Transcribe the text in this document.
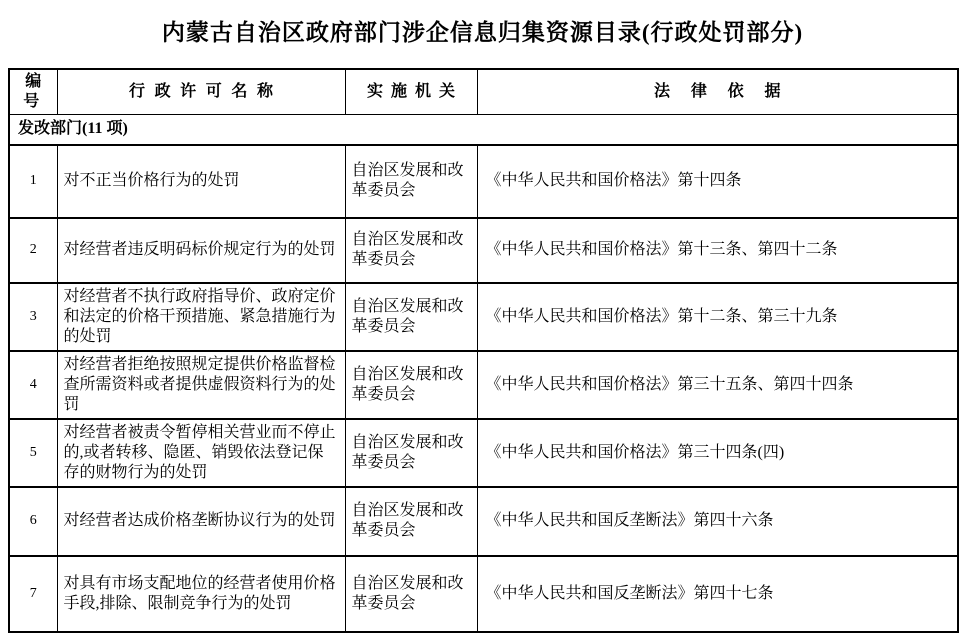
内蒙古自治区政府部门涉企信息归集资源目录(行政处罚部分)
编号	行政许可名称	实施机关	法律依据
发改部门(11 项)			
1	对不正当价格行为的处罚	自治区发展和改革委员会	《中华人民共和国价格法》第十四条
2	对经营者违反明码标价规定行为的处罚	自治区发展和改革委员会	《中华人民共和国价格法》第十三条、第四十二条
3	对经营者不执行政府指导价、政府定价和法定的价格干预措施、紧急措施行为的处罚	自治区发展和改革委员会	《中华人民共和国价格法》第十二条、第三十九条
4	对经营者拒绝按照规定提供价格监督检查所需资料或者提供虚假资料行为的处罚	自治区发展和改革委员会	《中华人民共和国价格法》第三十五条、第四十四条
5	对经营者被责令暂停相关营业而不停止的,或者转移、隐匿、销毁依法登记保存的财物行为的处罚	自治区发展和改革委员会	《中华人民共和国价格法》第三十四条(四)
6	对经营者达成价格垄断协议行为的处罚	自治区发展和改革委员会	《中华人民共和国反垄断法》第四十六条
7	对具有市场支配地位的经营者使用价格手段,排除、限制竞争行为的处罚	自治区发展和改革委员会	《中华人民共和国反垄断法》第四十七条
